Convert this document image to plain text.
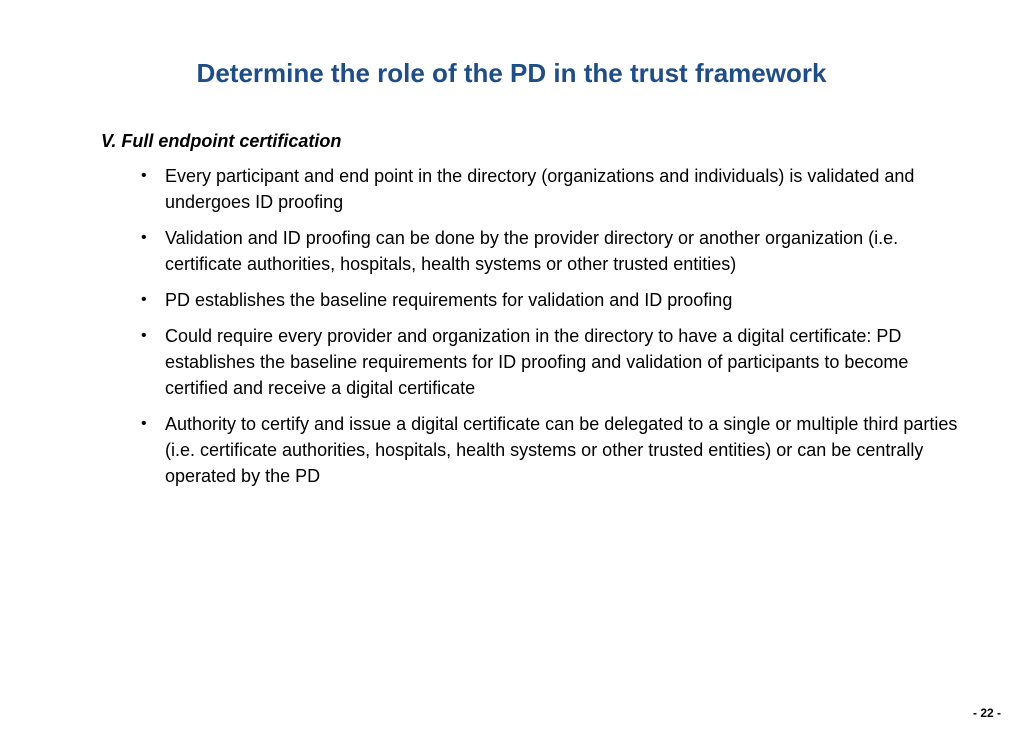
Determine the role of the PD in the trust framework

V. Full endpoint certification

•	Every participant and end point in the directory (organizations and individuals) is validated and undergoes ID proofing
•	Validation and ID proofing can be done by the provider directory or another organization (i.e. certificate authorities, hospitals, health systems or other trusted entities)
•	PD establishes the baseline requirements for validation and ID proofing
•	Could require every provider and organization in the directory to have a digital certificate: PD establishes the baseline requirements for ID proofing and validation of participants to become certified and receive a digital certificate
•	Authority to certify and issue a digital certificate can be delegated to a single or multiple third parties (i.e. certificate authorities, hospitals, health systems or other trusted entities) or can be centrally operated by the PD

- 22 -
